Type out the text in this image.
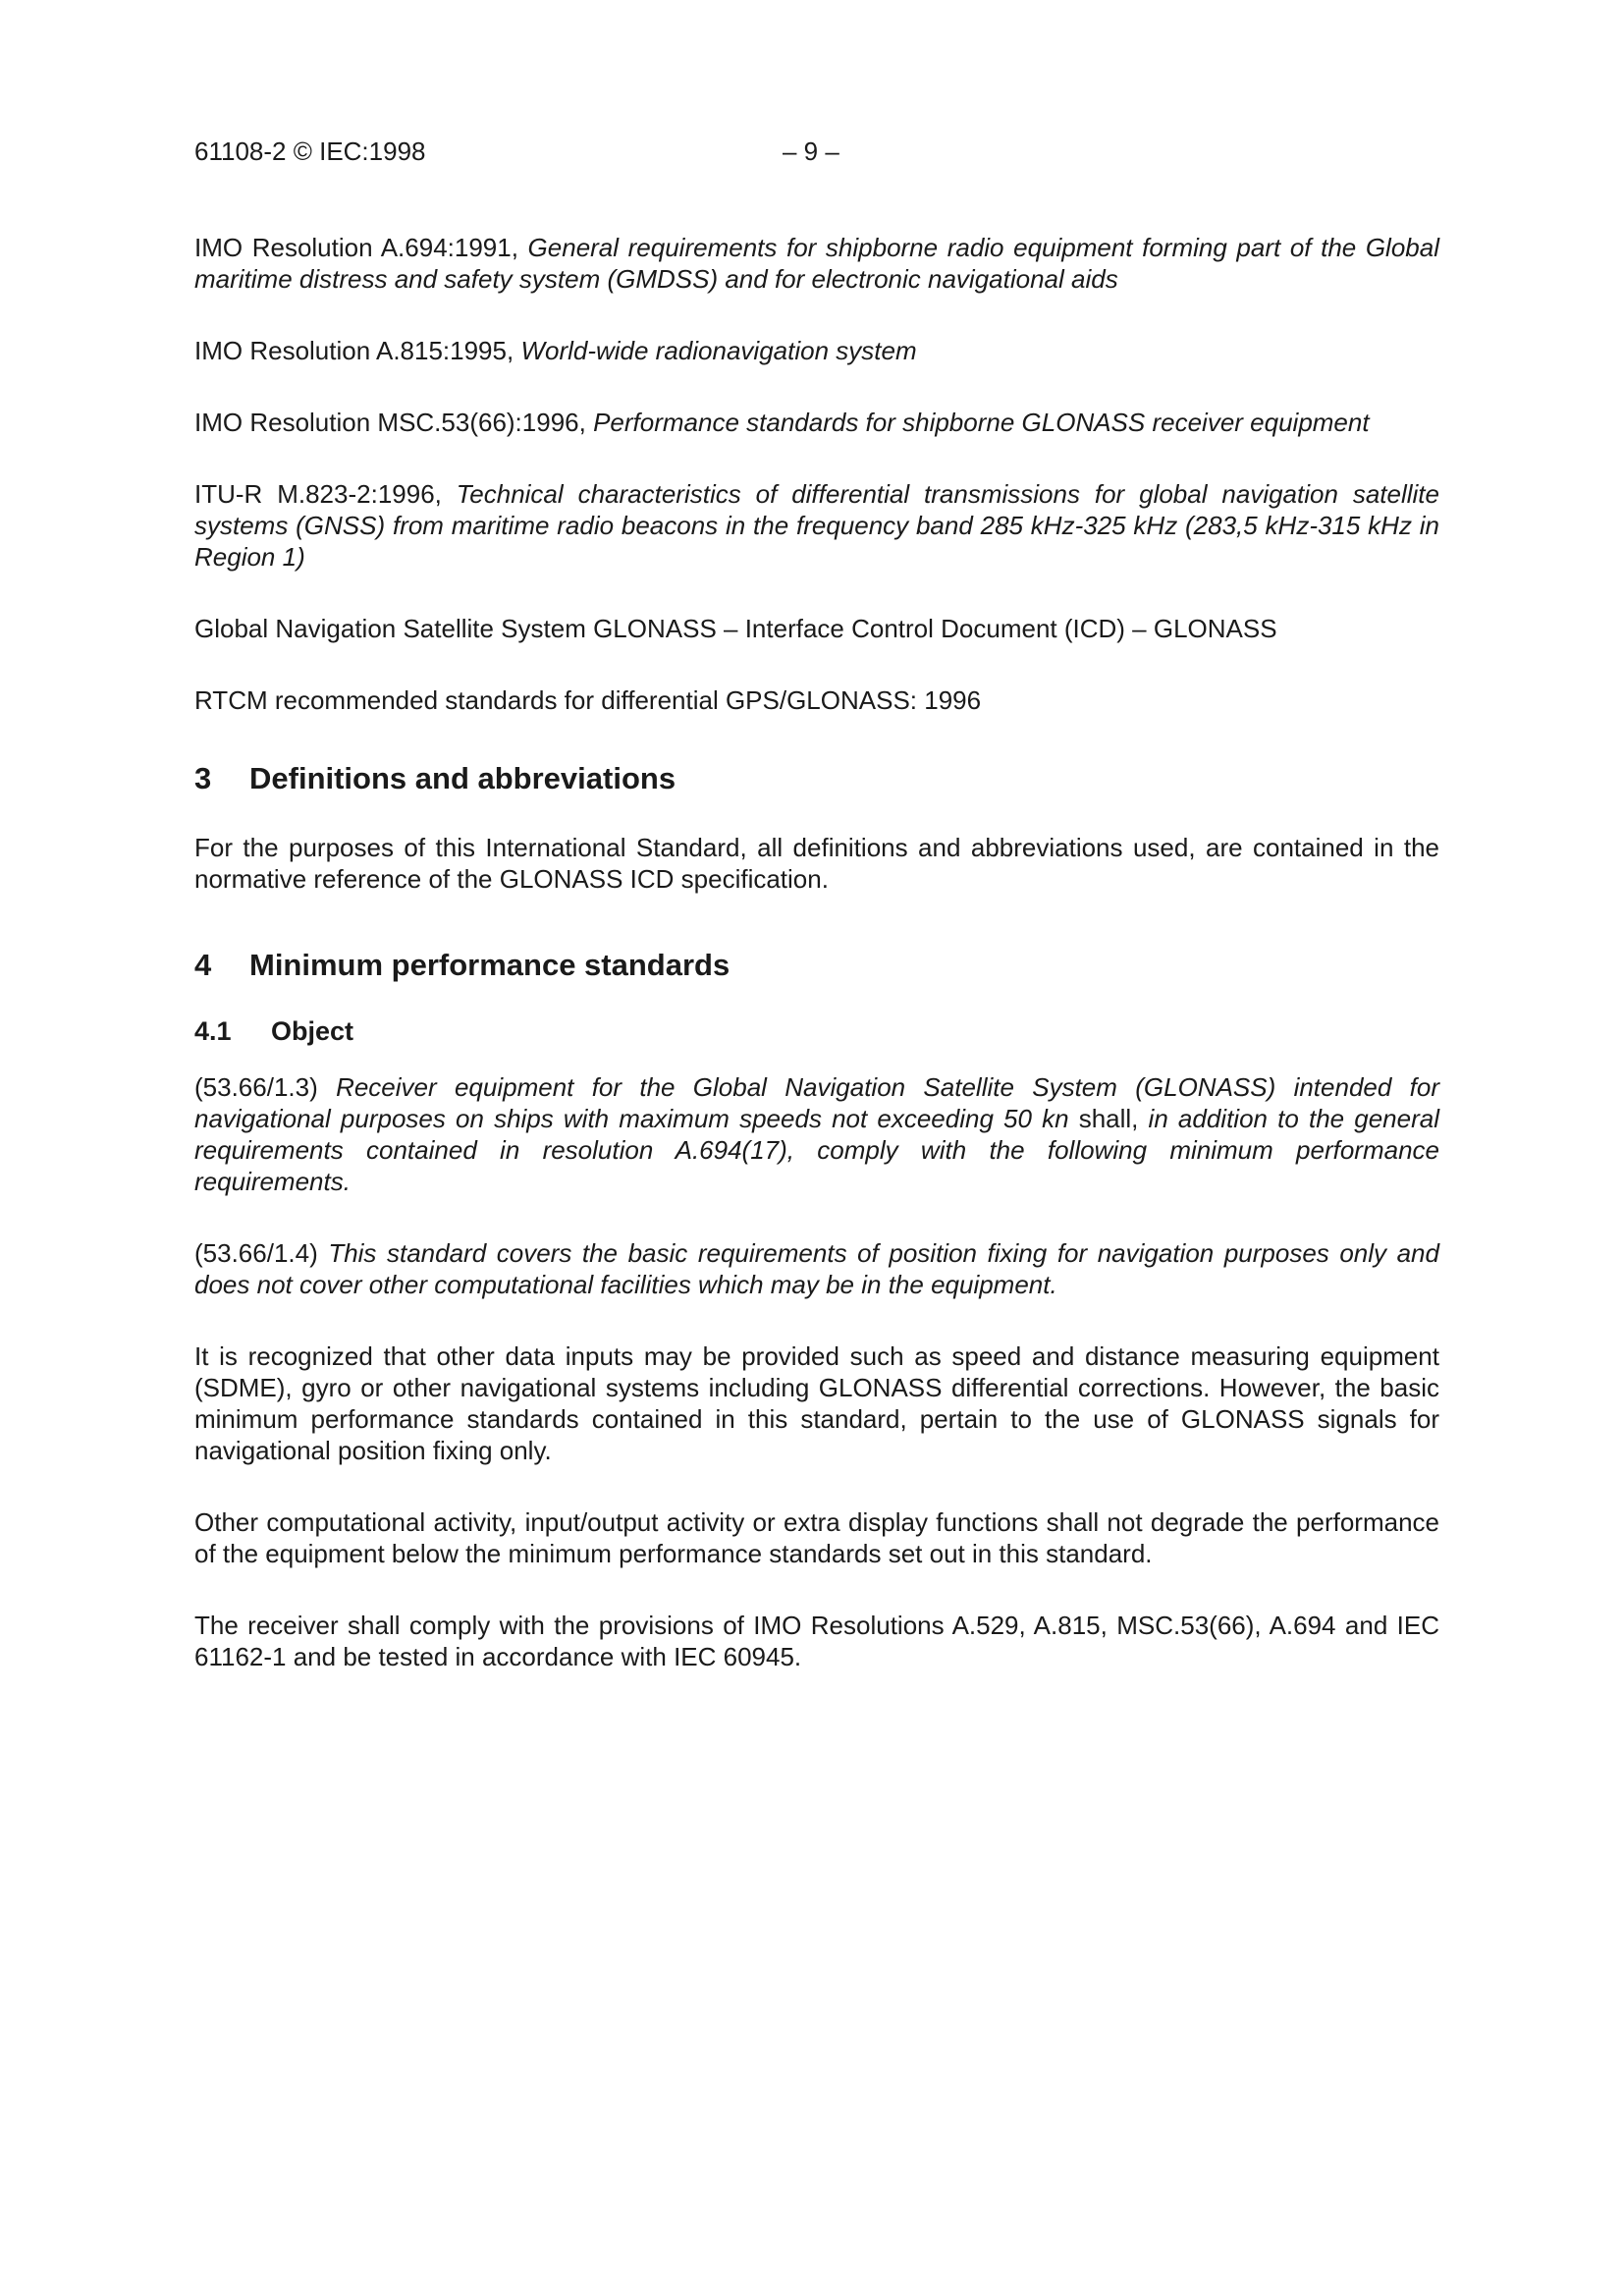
61108-2 © IEC:1998	– 9 –

IMO Resolution A.694:1991, General requirements for shipborne radio equipment forming part of the Global maritime distress and safety system (GMDSS) and for electronic navigational aids

IMO Resolution A.815:1995, World-wide radionavigation system

IMO Resolution MSC.53(66):1996, Performance standards for shipborne GLONASS receiver equipment

ITU-R M.823-2:1996, Technical characteristics of differential transmissions for global navigation satellite systems (GNSS) from maritime radio beacons in the frequency band 285 kHz-325 kHz (283,5 kHz-315 kHz in Region 1)

Global Navigation Satellite System GLONASS – Interface Control Document (ICD) – GLONASS

RTCM recommended standards for differential GPS/GLONASS: 1996

3 Definitions and abbreviations

For the purposes of this International Standard, all definitions and abbreviations used, are contained in the normative reference of the GLONASS ICD specification.

4 Minimum performance standards
4.1 Object

(53.66/1.3) Receiver equipment for the Global Navigation Satellite System (GLONASS) intended for navigational purposes on ships with maximum speeds not exceeding 50 kn shall, in addition to the general requirements contained in resolution A.694(17), comply with the following minimum performance requirements.

(53.66/1.4) This standard covers the basic requirements of position fixing for navigation purposes only and does not cover other computational facilities which may be in the equipment.

It is recognized that other data inputs may be provided such as speed and distance measuring equipment (SDME), gyro or other navigational systems including GLONASS differential corrections. However, the basic minimum performance standards contained in this standard, pertain to the use of GLONASS signals for navigational position fixing only.

Other computational activity, input/output activity or extra display functions shall not degrade the performance of the equipment below the minimum performance standards set out in this standard.

The receiver shall comply with the provisions of IMO Resolutions A.529, A.815, MSC.53(66), A.694 and IEC 61162-1 and be tested in accordance with IEC 60945.
